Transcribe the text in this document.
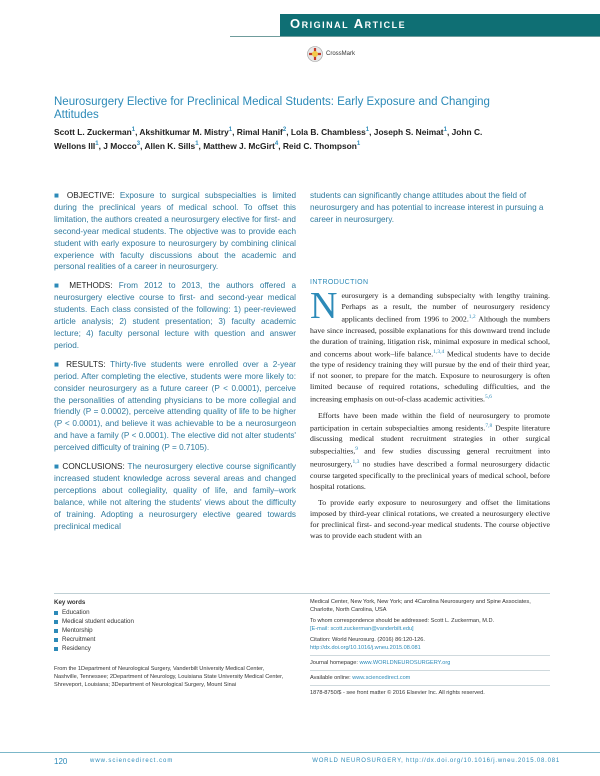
Original Article
CrossMark
Neurosurgery Elective for Preclinical Medical Students: Early Exposure and Changing Attitudes
Scott L. Zuckerman$^1$, Akshitkumar M. Mistry$^1$, Rimal Hanif$^2$, Lola B. Chambless$^1$, Joseph S. Neimat$^1$, John C. Wellons III$^1$, J Mocco$^3$, Allen K. Sills$^1$, Matthew J. McGirt$^4$, Reid C. Thompson$^1$

■ OBJECTIVE: Exposure to surgical subspecialties is limited during the preclinical years of medical school. To offset this limitation, the authors created a neurosurgery elective for first- and second-year medical students. The objective was to provide each student with early exposure to neurosurgery by combining clinical experience with faculty discussions about the academic and personal realities of a career in neurosurgery.

■ METHODS: From 2012 to 2013, the authors offered a neurosurgery elective course to first- and second-year medical students. Each class consisted of the following: 1) peer-reviewed article analysis; 2) student presentation; 3) faculty academic lecture; 4) faculty personal lecture with question and answer period.

■ RESULTS: Thirty-five students were enrolled over a 2-year period. After completing the elective, students were more likely to: consider neurosurgery as a future career (P < 0.0001), perceive the personalities of attending physicians to be more collegial and friendly (P = 0.0002), perceive attending quality of life to be higher (P < 0.0001), and believe it was achievable to be a neurosurgeon and have a family (P < 0.0001). The elective did not alter students' perceived difficulty of training (P = 0.7105).

■ CONCLUSIONS: The neurosurgery elective course significantly increased student knowledge across several areas and changed perceptions about collegiality, quality of life, and family–work balance, while not altering the students' views about the difficulty of training. Adopting a neurosurgery elective geared towards preclinical medical

students can significantly change attitudes about the field of neurosurgery and has potential to increase interest in pursuing a career in neurosurgery.

INTRODUCTION

Neurosurgery is a demanding subspecialty with lengthy training. Perhaps as a result, the number of neurosurgery residency applicants declined from 1996 to 2002.$^{1,2}$ Although the numbers have since increased, possible explanations for this downward trend include the duration of training, litigation risk, minimal exposure in medical school, and concerns about work–life balance.$^{1,3,4}$ Medical students have to decide the type of residency training they will pursue by the end of their third year, if not sooner, to prepare for the match. Exposure to neurosurgery is often limited because of required rotations, scheduling difficulties, and the increasing emphasis on out-of-class academic activities.$^{5,6}$

Efforts have been made within the field of neurosurgery to promote participation in certain subspecialties among residents.$^{7,8}$ Despite literature discussing medical student recruitment strategies in other surgical subspecialties,$^9$ and few studies discussing general recruitment into neurosurgery,$^{1,3}$ no studies have described a formal neurosurgery didactic course targeted specifically to the preclinical years of medical school, before hospital rotations.

To provide early exposure to neurosurgery and offset the limitations imposed by third-year clinical rotations, we created a neurosurgery elective for preclinical first- and second-year medical students. The course objective was to provide each student with an

Key words
Education
Medical student education
Mentorship
Recruitment
Residency
From the 1Department of Neurological Surgery, Vanderbilt University Medical Center, Nashville, Tennessee; 2Department of Neurology, Louisiana State University Medical Center, Shreveport, Louisiana; 3Department of Neurological Surgery, Mount Sinai
Medical Center, New York, New York; and 4Carolina Neurosurgery and Spine Associates, Charlotte, North Carolina, USA
To whom correspondence should be addressed: Scott L. Zuckerman, M.D.
[E-mail: scott.zuckerman@vanderbilt.edu]
Citation: World Neurosurg. (2016) 86:120-126.
http://dx.doi.org/10.1016/j.wneu.2015.08.081
Journal homepage: www.WORLDNEUROSURGERY.org
Available online: www.sciencedirect.com
1878-8750/$ - see front matter © 2016 Elsevier Inc. All rights reserved.
120	www.sciencedirect.com	WORLD NEUROSURGERY, http://dx.doi.org/10.1016/j.wneu.2015.08.081
